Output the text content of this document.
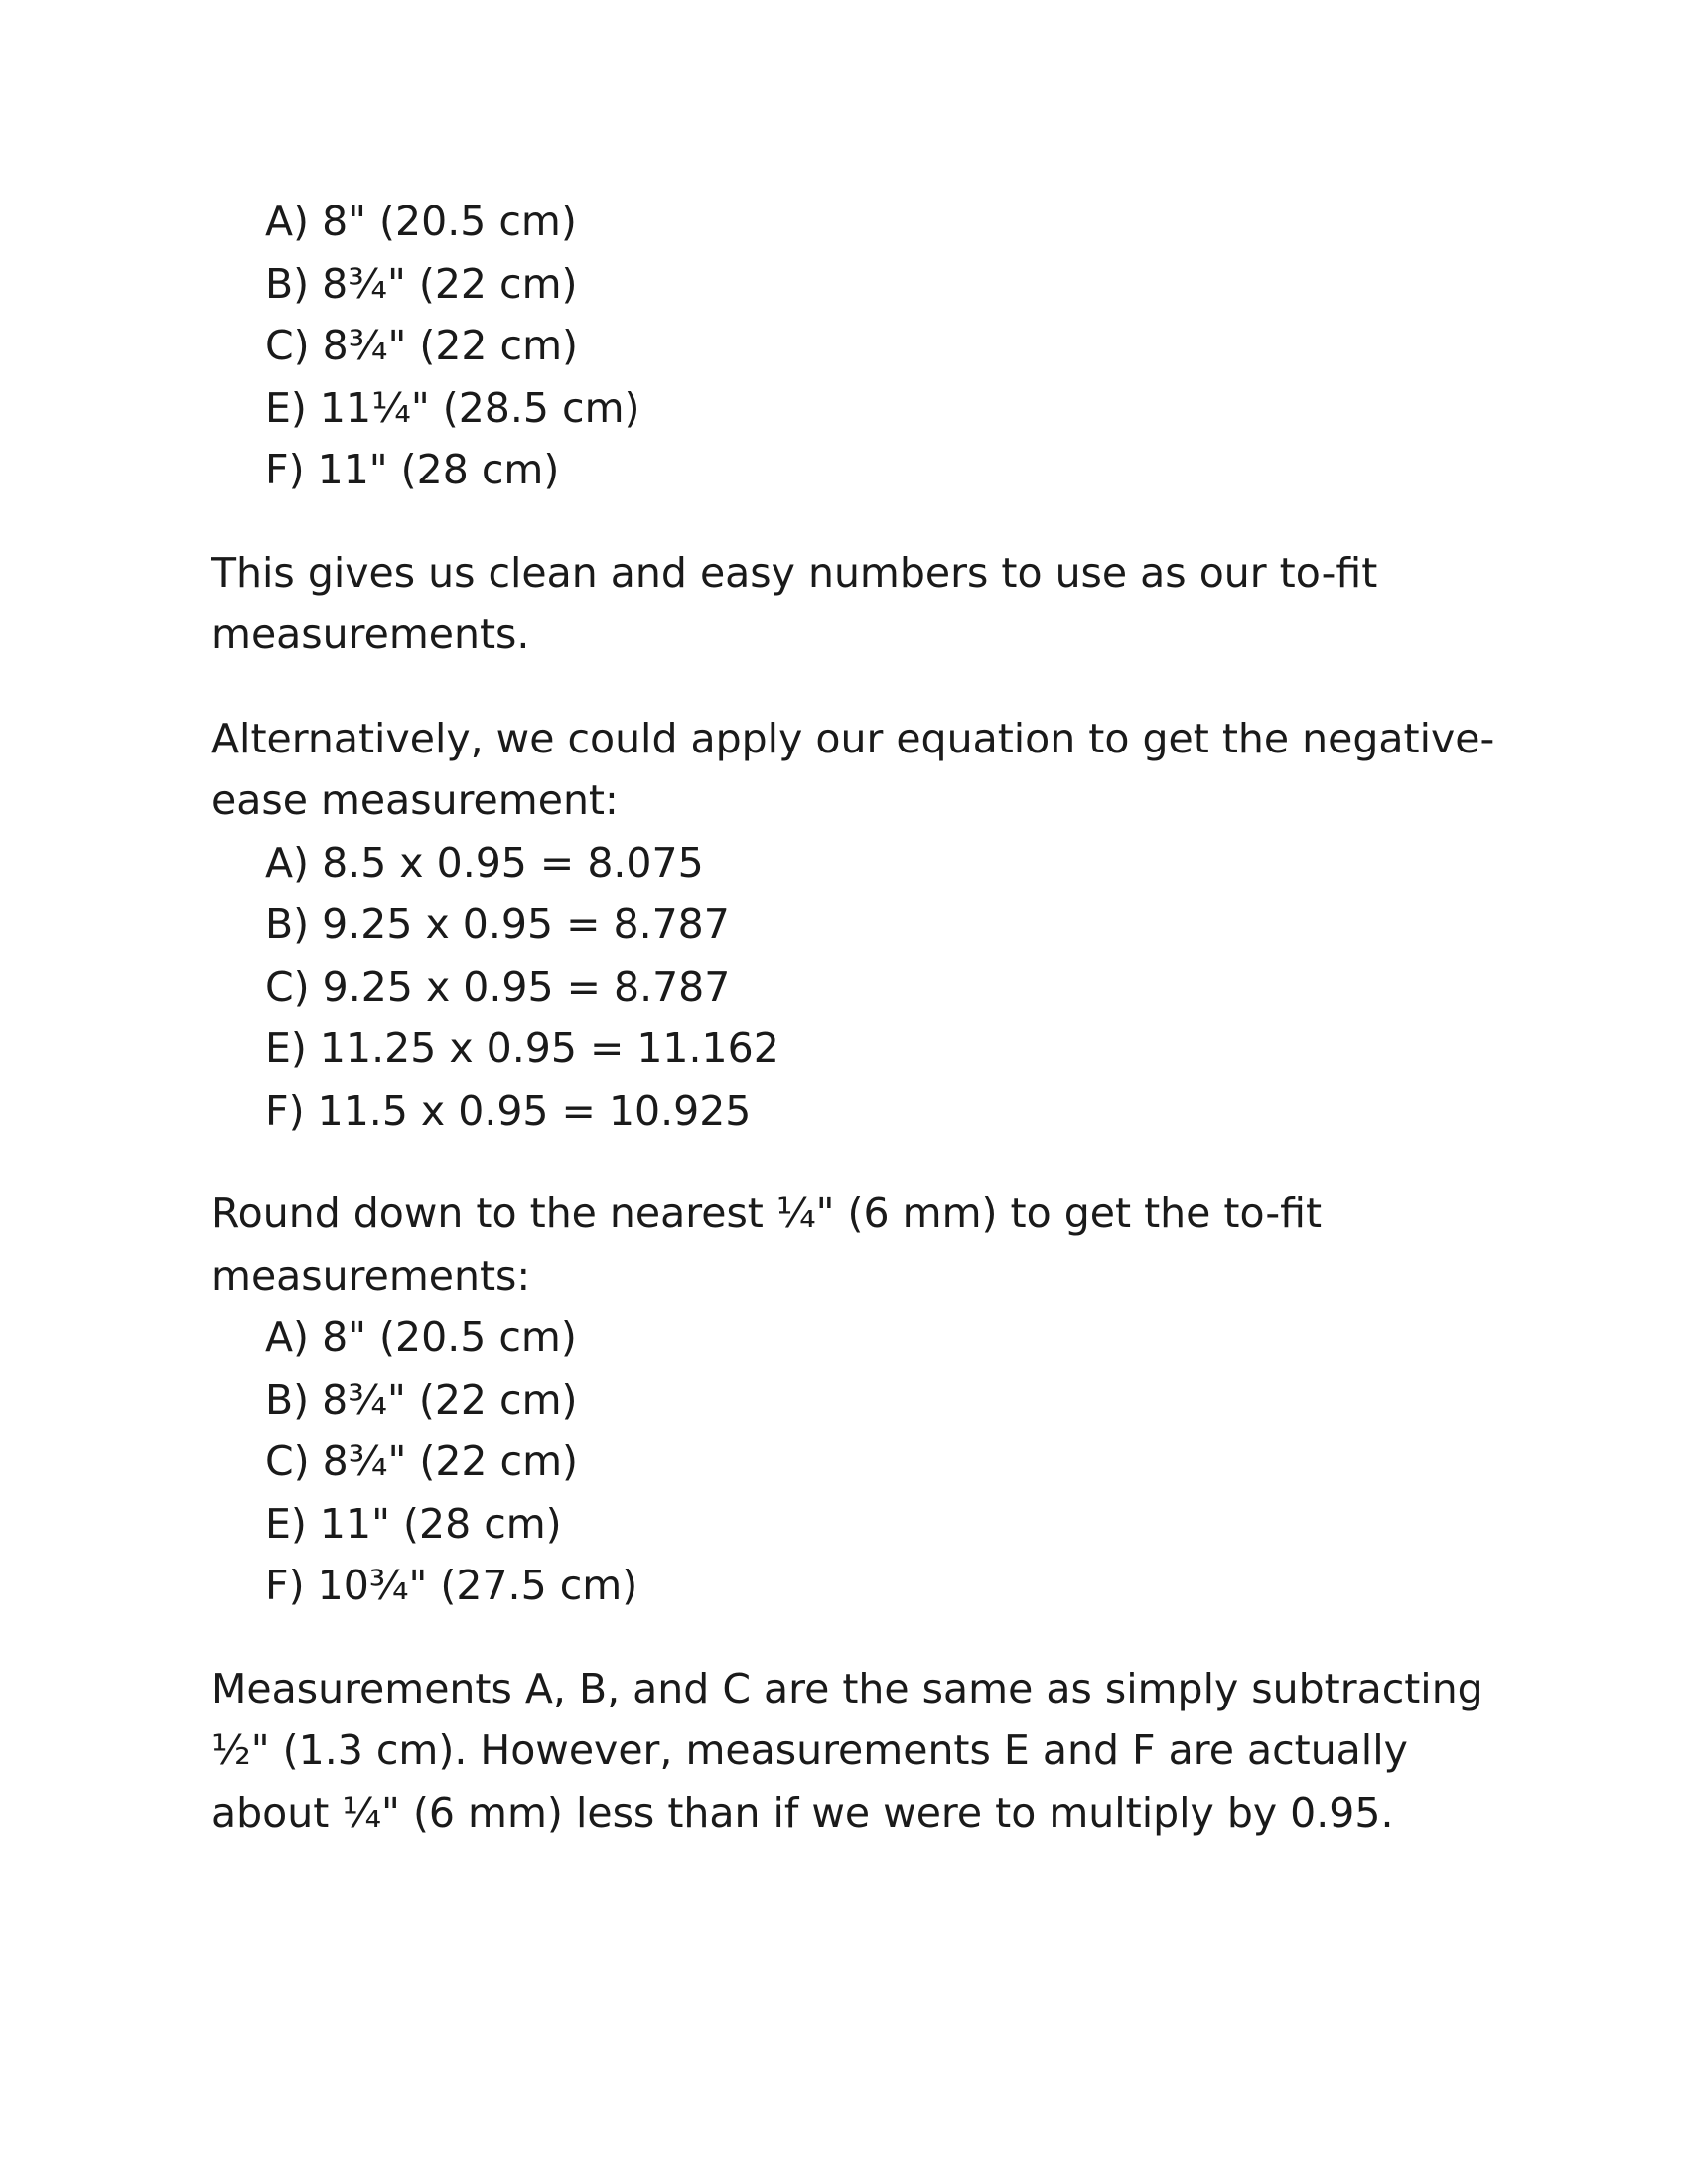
A) 8" (20.5 cm)
B) 8³⁄₄" (22 cm)
C) 8³⁄₄" (22 cm)
E) 11¹⁄₄" (28.5 cm)
F) 11" (28 cm)

This gives us clean and easy numbers to use as our to-fit measurements.

Alternatively, we could apply our equation to get the negative-ease measurement:

A) 8.5 x 0.95 = 8.075
B) 9.25 x 0.95 = 8.787
C) 9.25 x 0.95 = 8.787
E) 11.25 x 0.95 = 11.162
F) 11.5 x 0.95 = 10.925

Round down to the nearest ¹⁄₄" (6 mm) to get the to-fit measurements:

A) 8" (20.5 cm)
B) 8³⁄₄" (22 cm)
C) 8³⁄₄" (22 cm)
E) 11" (28 cm)
F) 10³⁄₄" (27.5 cm)

Measurements A, B, and C are the same as simply subtracting ¹⁄₂" (1.3 cm). However, measurements E and F are actually about ¹⁄₄" (6 mm) less than if we were to multiply by 0.95.
